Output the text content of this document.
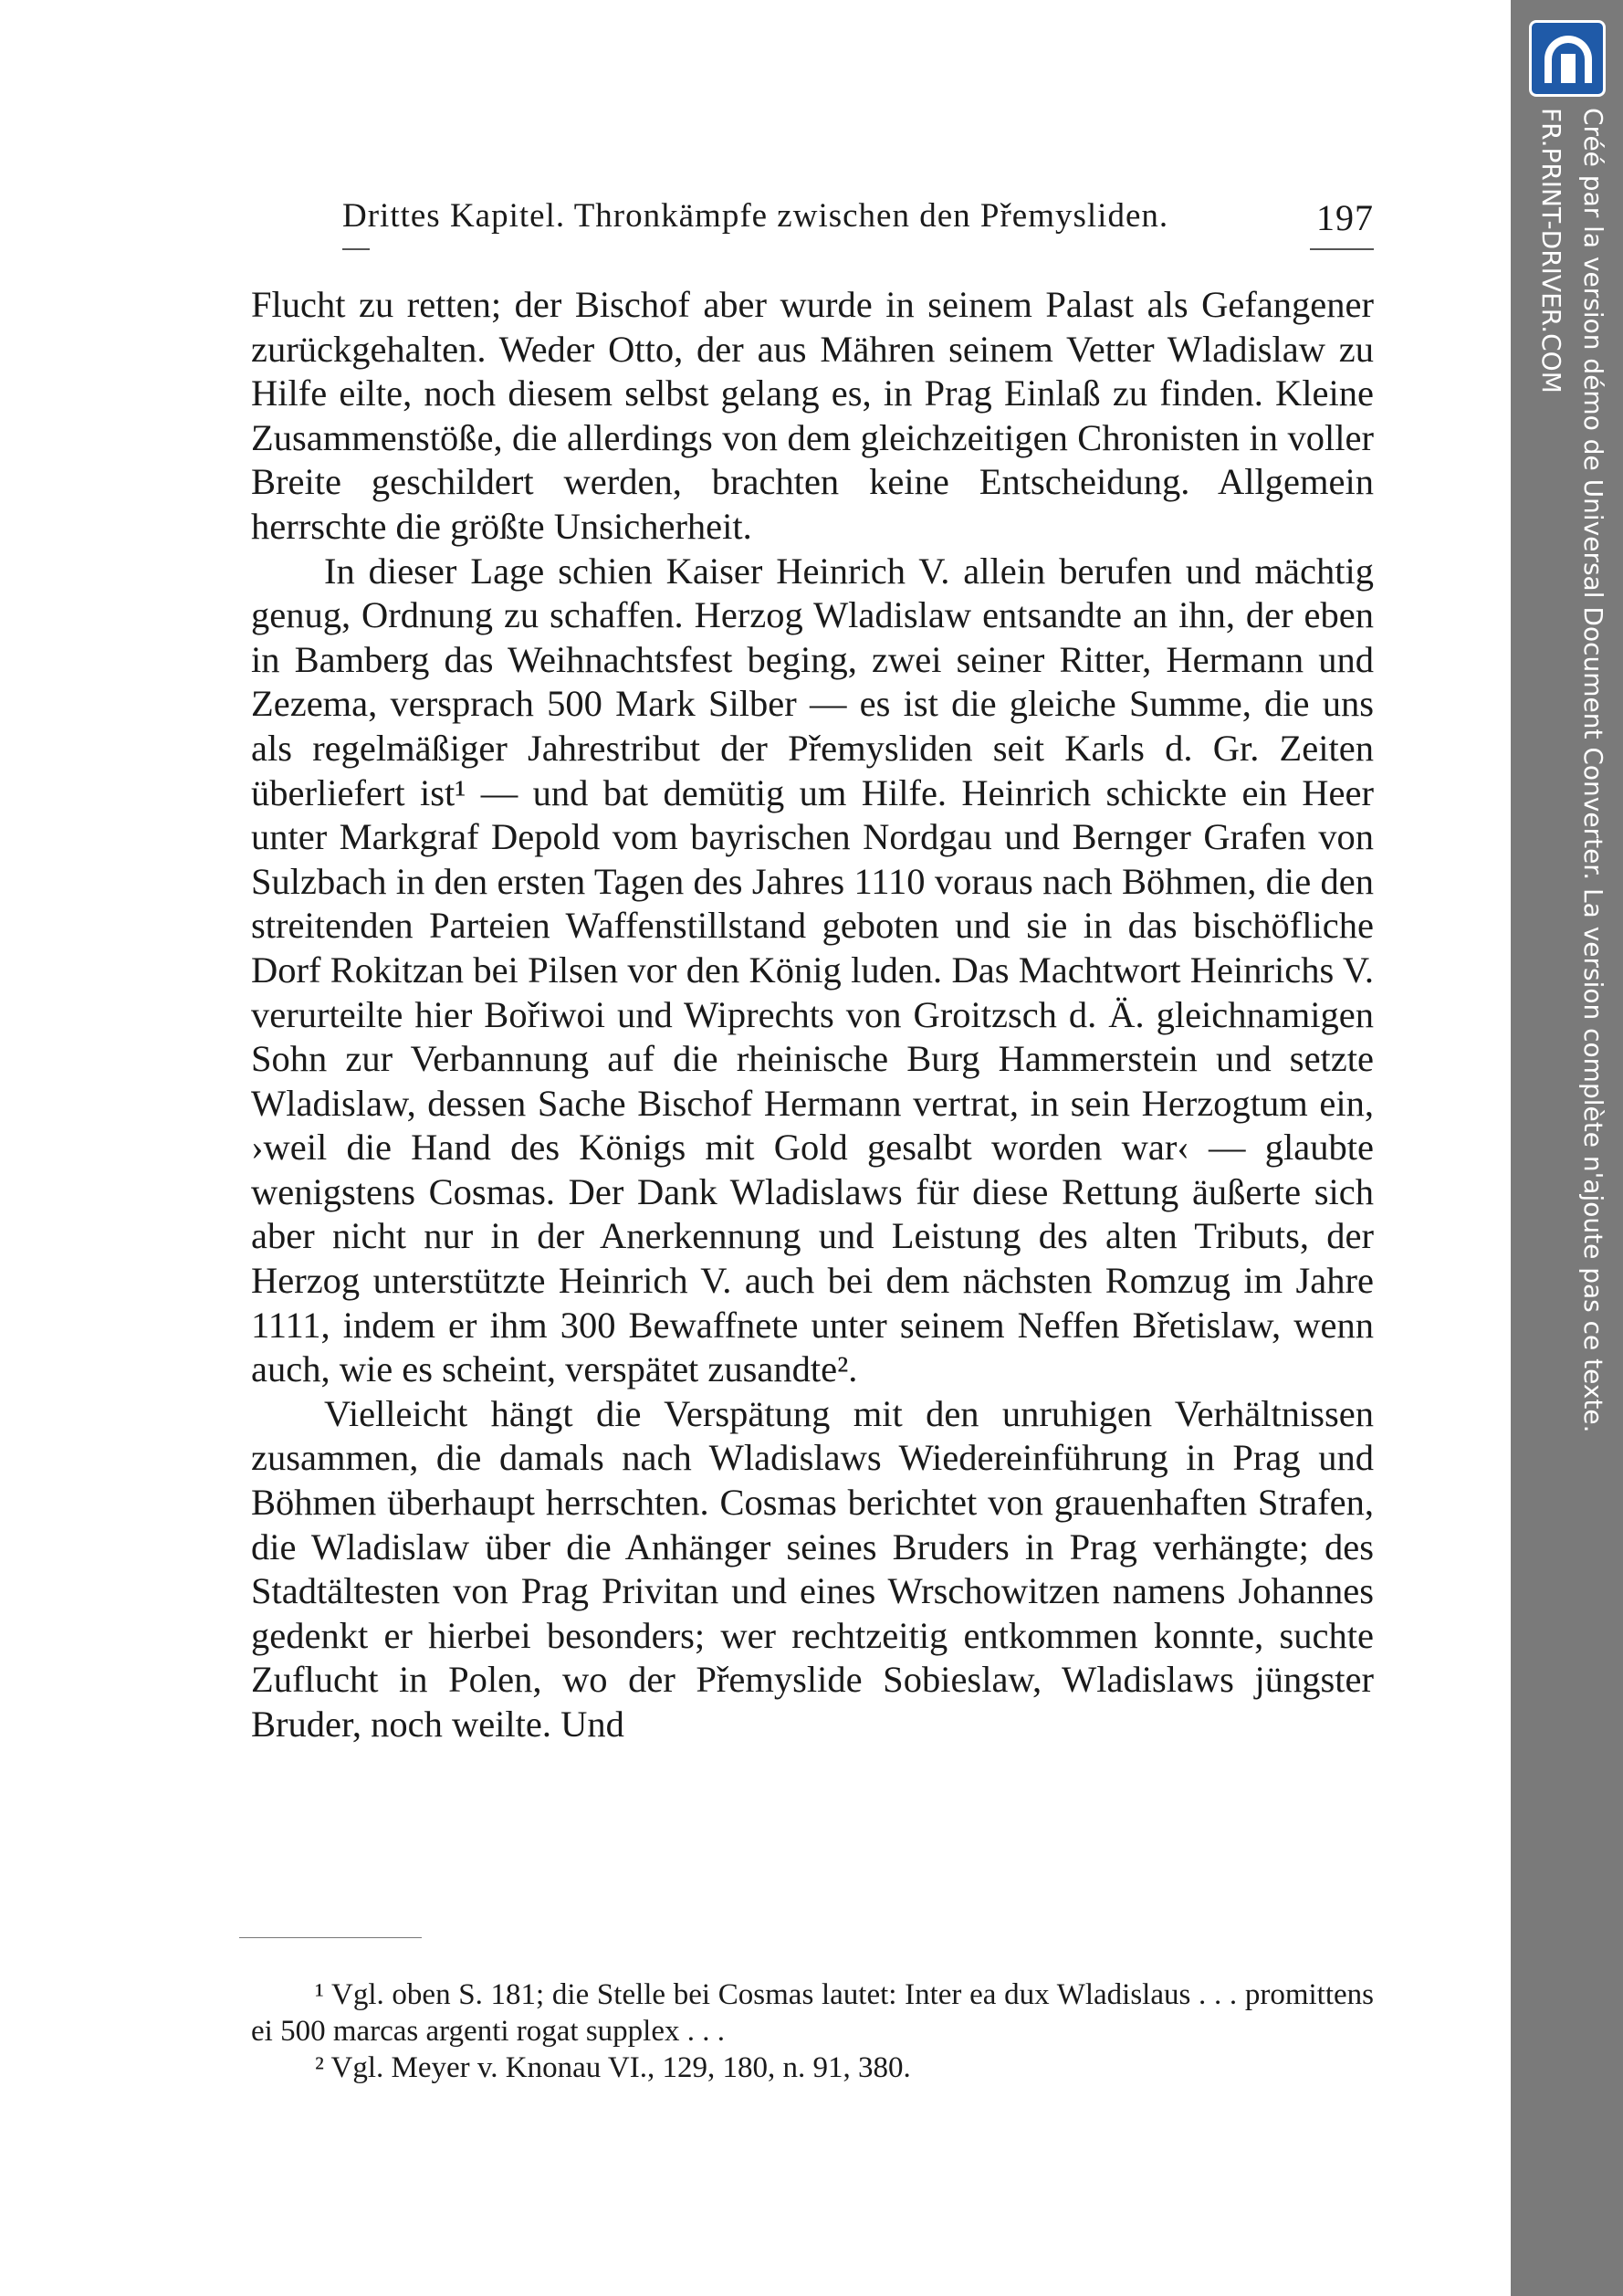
Drittes Kapitel. Thronkämpfe zwischen den Přemysliden.	197

Flucht zu retten; der Bischof aber wurde in seinem Palast als Gefangener zurückgehalten. Weder Otto, der aus Mähren seinem Vetter Wladislaw zu Hilfe eilte, noch diesem selbst gelang es, in Prag Einlaß zu finden. Kleine Zusammenstöße, die allerdings von dem gleichzeitigen Chronisten in voller Breite geschildert werden, brachten keine Entscheidung. Allgemein herrschte die größte Unsicherheit.

In dieser Lage schien Kaiser Heinrich V. allein berufen und mächtig genug, Ordnung zu schaffen. Herzog Wladislaw entsandte an ihn, der eben in Bamberg das Weihnachtsfest beging, zwei seiner Ritter, Hermann und Zezema, versprach 500 Mark Silber — es ist die gleiche Summe, die uns als regelmäßiger Jahrestribut der Přemysliden seit Karls d. Gr. Zeiten überliefert ist¹ — und bat demütig um Hilfe. Heinrich schickte ein Heer unter Markgraf Depold vom bayrischen Nordgau und Bernger Grafen von Sulzbach in den ersten Tagen des Jahres 1110 voraus nach Böhmen, die den streitenden Parteien Waffenstillstand geboten und sie in das bischöfliche Dorf Rokitzan bei Pilsen vor den König luden. Das Machtwort Heinrichs V. verurteilte hier Bořiwoi und Wiprechts von Groitzsch d. Ä. gleichnamigen Sohn zur Verbannung auf die rheinische Burg Hammerstein und setzte Wladislaw, dessen Sache Bischof Hermann vertrat, in sein Herzogtum ein, ›weil die Hand des Königs mit Gold gesalbt worden war‹ — glaubte wenigstens Cosmas. Der Dank Wladislaws für diese Rettung äußerte sich aber nicht nur in der Anerkennung und Leistung des alten Tributs, der Herzog unterstützte Heinrich V. auch bei dem nächsten Romzug im Jahre 1111, indem er ihm 300 Bewaffnete unter seinem Neffen Břetislaw, wenn auch, wie es scheint, verspätet zusandte².

Vielleicht hängt die Verspätung mit den unruhigen Verhältnissen zusammen, die damals nach Wladislaws Wiedereinführung in Prag und Böhmen überhaupt herrschten. Cosmas berichtet von grauenhaften Strafen, die Wladislaw über die Anhänger seines Bruders in Prag verhängte; des Stadtältesten von Prag Privitan und eines Wrschowitzen namens Johannes gedenkt er hierbei besonders; wer rechtzeitig entkommen konnte, suchte Zuflucht in Polen, wo der Přemyslide Sobieslaw, Wladislaws jüngster Bruder, noch weilte. Und

¹ Vgl. oben S. 181; die Stelle bei Cosmas lautet: Inter ea dux Wladislaus . . . promittens ei 500 marcas argenti rogat supplex . . .

² Vgl. Meyer v. Knonau VI., 129, 180, n. 91, 380.

Créé par la version démo de Universal Document Converter. La version complète n'ajoute pas ce texte.
FR.PRINT-DRIVER.COM
